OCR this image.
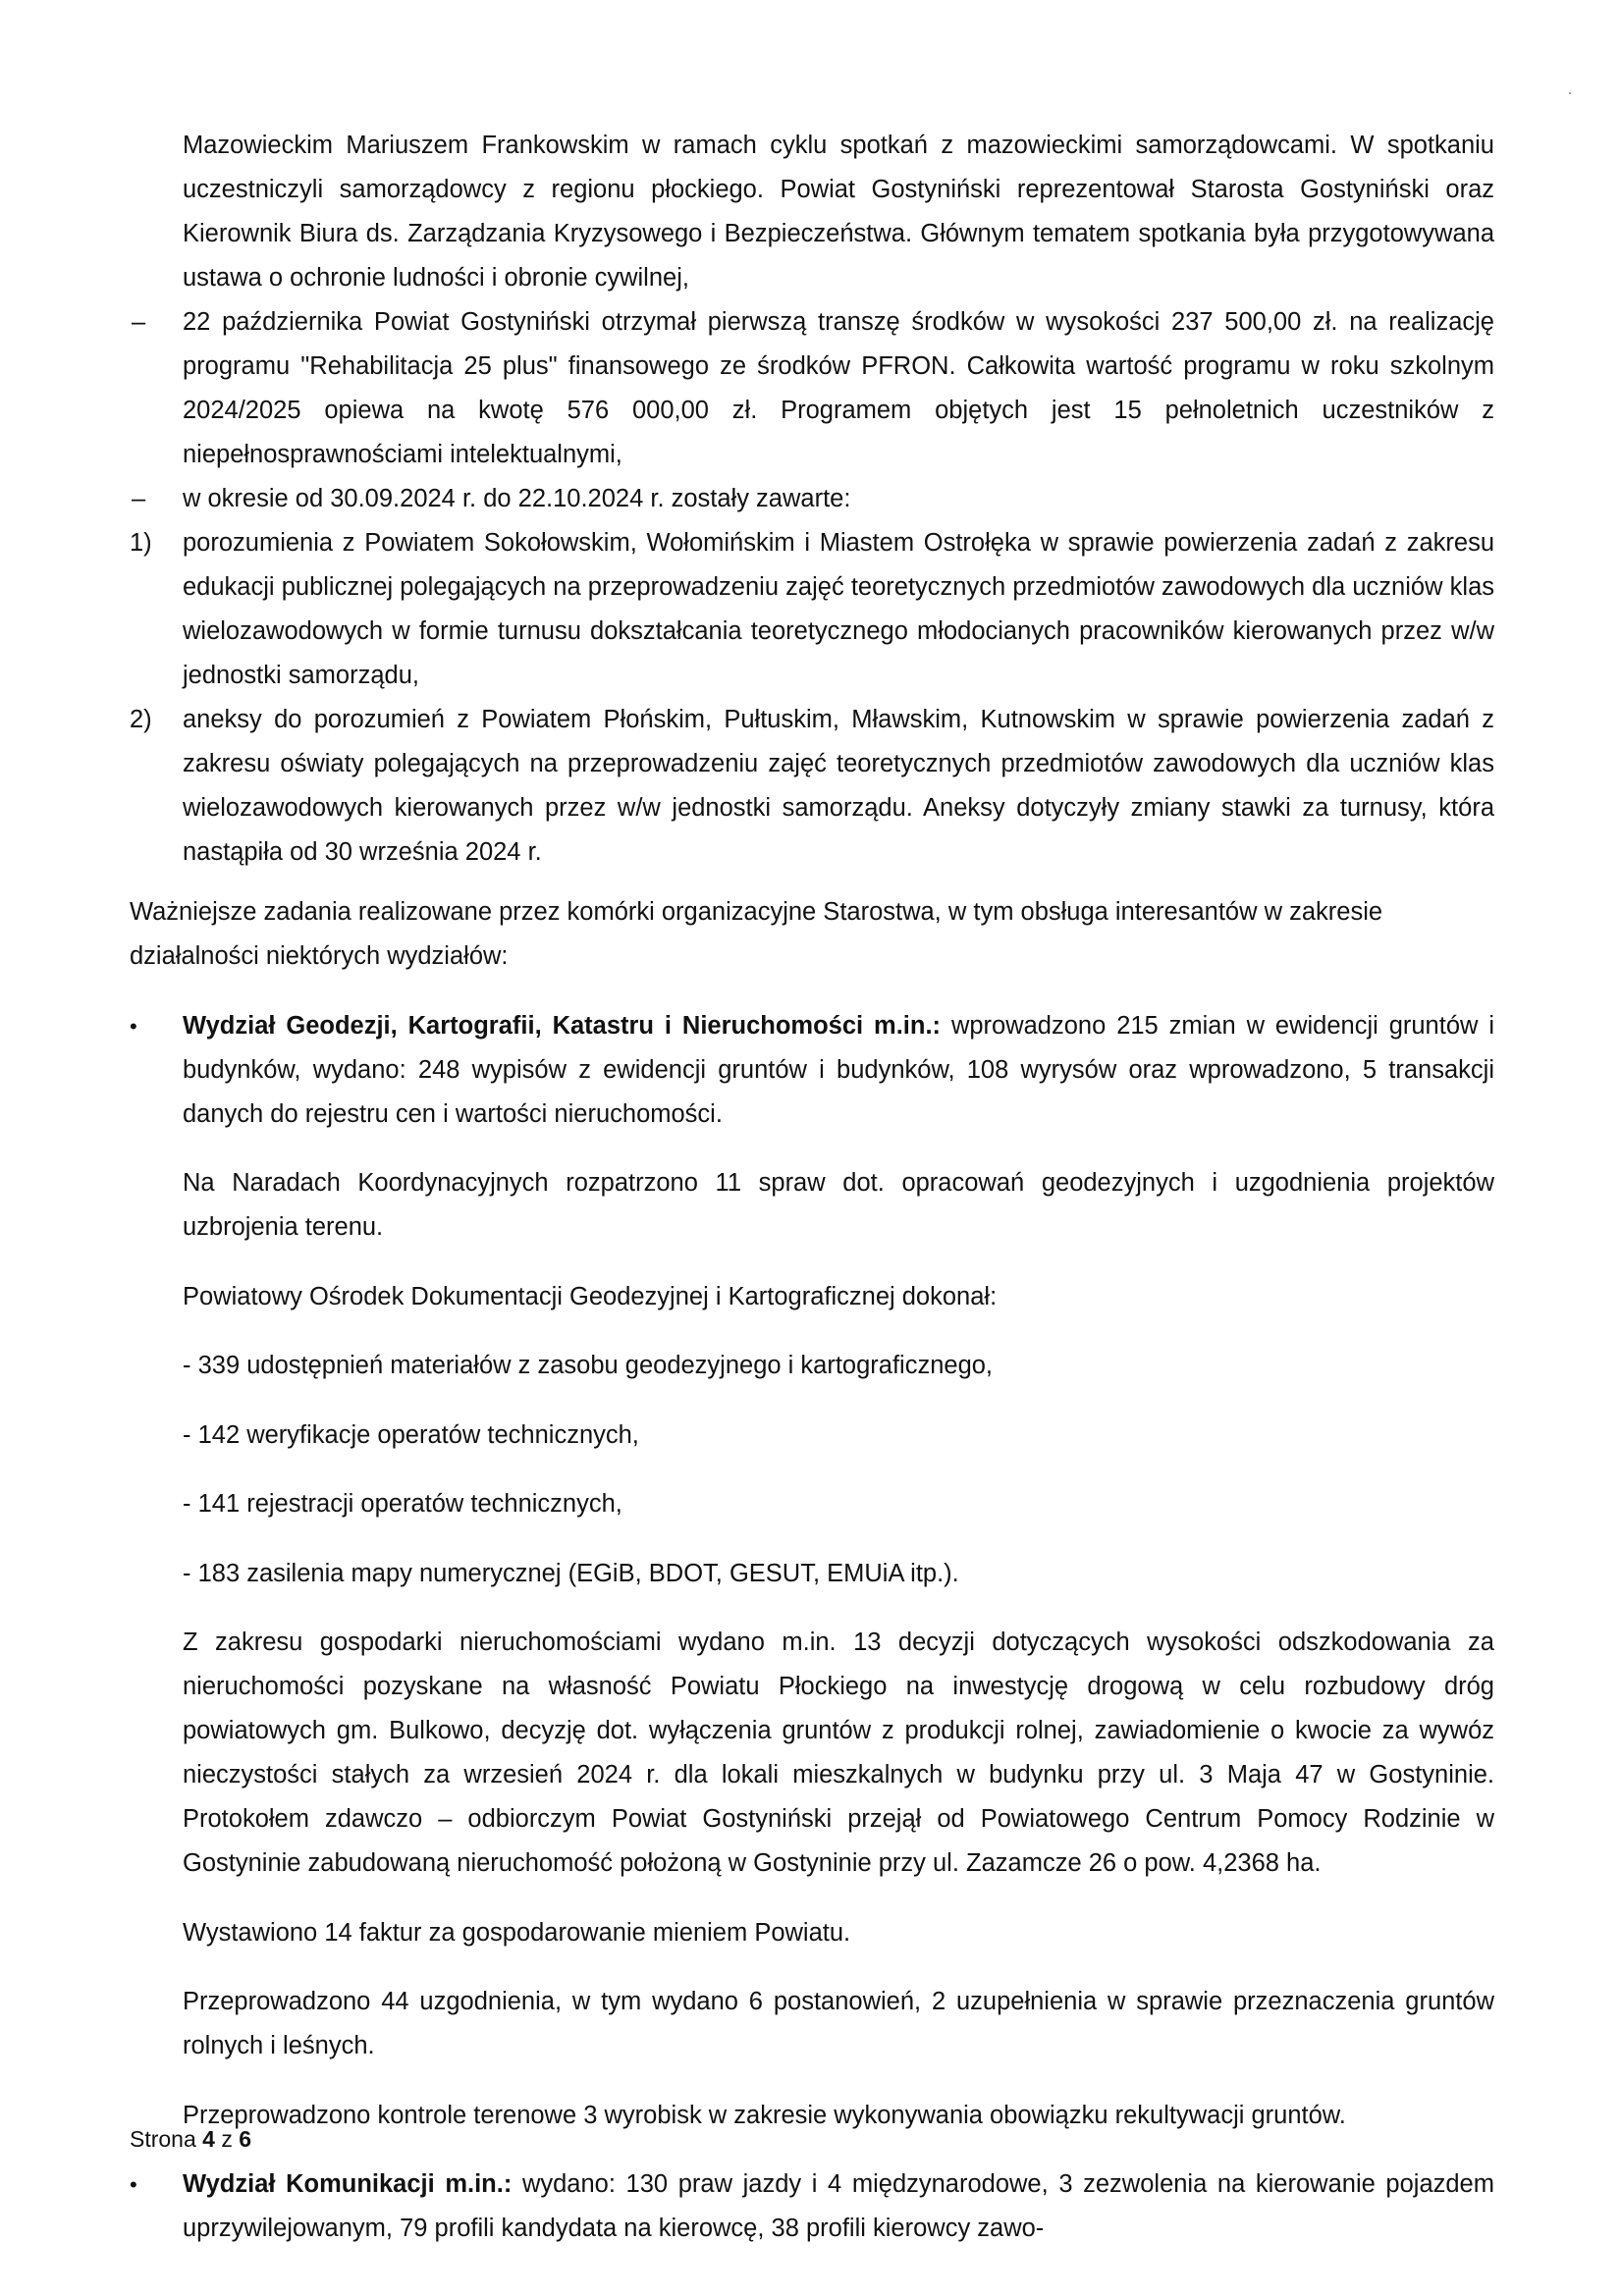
Mazowieckim Mariuszem Frankowskim w ramach cyklu spotkań z mazowieckimi samorządowcami. W spotkaniu uczestniczyli samorządowcy z regionu płockiego. Powiat Gostyniński reprezentował Starosta Gostyniński oraz Kierownik Biura ds. Zarządzania Kryzysowego i Bezpieczeństwa. Głównym tematem spotkania była przygotowywana ustawa o ochronie ludności i obronie cywilnej,

–	22 października Powiat Gostyniński otrzymał pierwszą transzę środków w wysokości 237 500,00 zł. na realizację programu "Rehabilitacja 25 plus" finansowego ze środków PFRON. Całkowita wartość programu w roku szkolnym 2024/2025 opiewa na kwotę 576 000,00 zł. Programem objętych jest 15 pełnoletnich uczestników z niepełnosprawnościami intelektualnymi,

–	w okresie od 30.09.2024 r. do 22.10.2024 r. zostały zawarte:

1)	porozumienia z Powiatem Sokołowskim, Wołomińskim i Miastem Ostrołęka w sprawie powierzenia zadań z zakresu edukacji publicznej polegających na przeprowadzeniu zajęć teoretycznych przedmiotów zawodowych dla uczniów klas wielozawodowych w formie turnusu dokształcania teoretycznego młodocianych pracowników kierowanych przez w/w jednostki samorządu,

2)	aneksy do porozumień z Powiatem Płońskim, Pułtuskim, Mławskim, Kutnowskim w sprawie powierzenia zadań z zakresu oświaty polegających na przeprowadzeniu zajęć teoretycznych przedmiotów zawodowych dla uczniów klas wielozawodowych kierowanych przez w/w jednostki samorządu. Aneksy dotyczyły zmiany stawki za turnusy, która nastąpiła od 30 września 2024 r.

Ważniejsze zadania realizowane przez komórki organizacyjne Starostwa, w tym obsługa interesantów w zakresie działalności niektórych wydziałów:

•	Wydział Geodezji, Kartografii, Katastru i Nieruchomości m.in.: wprowadzono 215 zmian w ewidencji gruntów i budynków, wydano: 248 wypisów z ewidencji gruntów i budynków, 108 wyrysów oraz wprowadzono, 5 transakcji danych do rejestru cen i wartości nieruchomości.

Na Naradach Koordynacyjnych rozpatrzono 11 spraw dot. opracowań geodezyjnych i uzgodnienia projektów uzbrojenia terenu.

Powiatowy Ośrodek Dokumentacji Geodezyjnej i Kartograficznej dokonał:

- 339 udostępnień materiałów z zasobu geodezyjnego i kartograficznego,

- 142 weryfikacje operatów technicznych,

- 141 rejestracji operatów technicznych,

- 183 zasilenia mapy numerycznej (EGiB, BDOT, GESUT, EMUiA itp.).

Z zakresu gospodarki nieruchomościami wydano m.in. 13 decyzji dotyczących wysokości odszkodowania za nieruchomości pozyskane na własność Powiatu Płockiego na inwestycję drogową w celu rozbudowy dróg powiatowych gm. Bulkowo, decyzję dot. wyłączenia gruntów z produkcji rolnej, zawiadomienie o kwocie za wywóz nieczystości stałych za wrzesień 2024 r. dla lokali mieszkalnych w budynku przy ul. 3 Maja 47 w Gostyninie. Protokołem zdawczo – odbiorczym Powiat Gostyniński przejął od Powiatowego Centrum Pomocy Rodzinie w Gostyninie zabudowaną nieruchomość położoną w Gostyninie przy ul. Zazamcze 26 o pow. 4,2368 ha.

Wystawiono 14 faktur za gospodarowanie mieniem Powiatu.

Przeprowadzono 44 uzgodnienia, w tym wydano 6 postanowień, 2 uzupełnienia w sprawie przeznaczenia gruntów rolnych i leśnych.

Przeprowadzono kontrole terenowe 3 wyrobisk w zakresie wykonywania obowiązku rekultywacji gruntów.

•	Wydział Komunikacji m.in.: wydano: 130 praw jazdy i 4 międzynarodowe, 3 zezwolenia na kierowanie pojazdem uprzywilejowanym, 79 profili kandydata na kierowcę, 38 profili kierowcy zawo-

Strona 4 z 6
